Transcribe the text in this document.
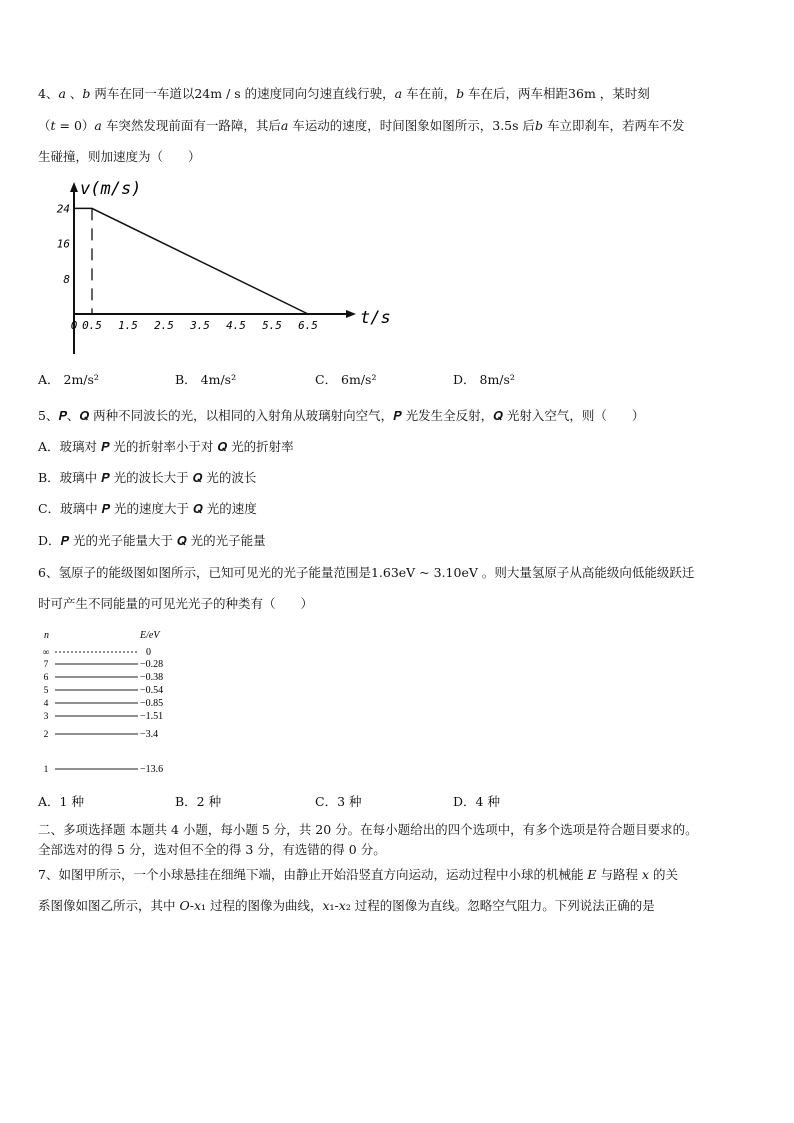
4、𝑎 、𝑏 两车在同一车道以24m / s 的速度同向匀速直线行驶，𝑎 车在前，𝑏 车在后，两车相距36m ，某时刻
（𝑡 = 0）𝑎 车突然发现前面有一路障，其后𝑎 车运动的速度，时间图象如图所示，3.5s 后𝑏 车立即刹车，若两车不发
生碰撞，则加速度为（　　）
v(m/s)
t/s
24
16
8
0 0.5 1.5 2.5 3.5 4.5 5.5 6.5
A． 2m/s²	B． 4m/s²	C． 6m/s²	D． 8m/s²
5、𝑷、𝑸 两种不同波长的光，以相同的入射角从玻璃射向空气，𝑷 光发生全反射，𝑸 光射入空气，则（　　）
A．玻璃对 𝑷 光的折射率小于对 𝑸 光的折射率
B．玻璃中 𝑷 光的波长大于 𝑸 光的波长
C．玻璃中 𝑷 光的速度大于 𝑸 光的速度
D．𝑷 光的光子能量大于 𝑸 光的光子能量
6、氢原子的能级图如图所示，已知可见光的光子能量范围是1.63eV ~ 3.10eV 。则大量氢原子从高能级向低能级跃迁
时可产生不同能量的可见光光子的种类有（　　）
n	E/eV
∞	0
7	−0.28
6	−0.38
5	−0.54
4	−0.85
3	−1.51
2	−3.4
1	−13.6
A．1 种	B．2 种	C．3 种	D．4 种
二、多项选择题 本题共 4 小题，每小题 5 分，共 20 分。在每小题给出的四个选项中，有多个选项是符合题目要求的。
全部选对的得 5 分，选对但不全的得 3 分，有选错的得 0 分。
7、如图甲所示，一个小球悬挂在细绳下端，由静止开始沿竖直方向运动，运动过程中小球的机械能 𝐸 与路程 𝑥 的关
系图像如图乙所示，其中 𝑂-𝑥₁ 过程的图像为曲线，𝑥₁-𝑥₂ 过程的图像为直线。忽略空气阻力。下列说法正确的是
